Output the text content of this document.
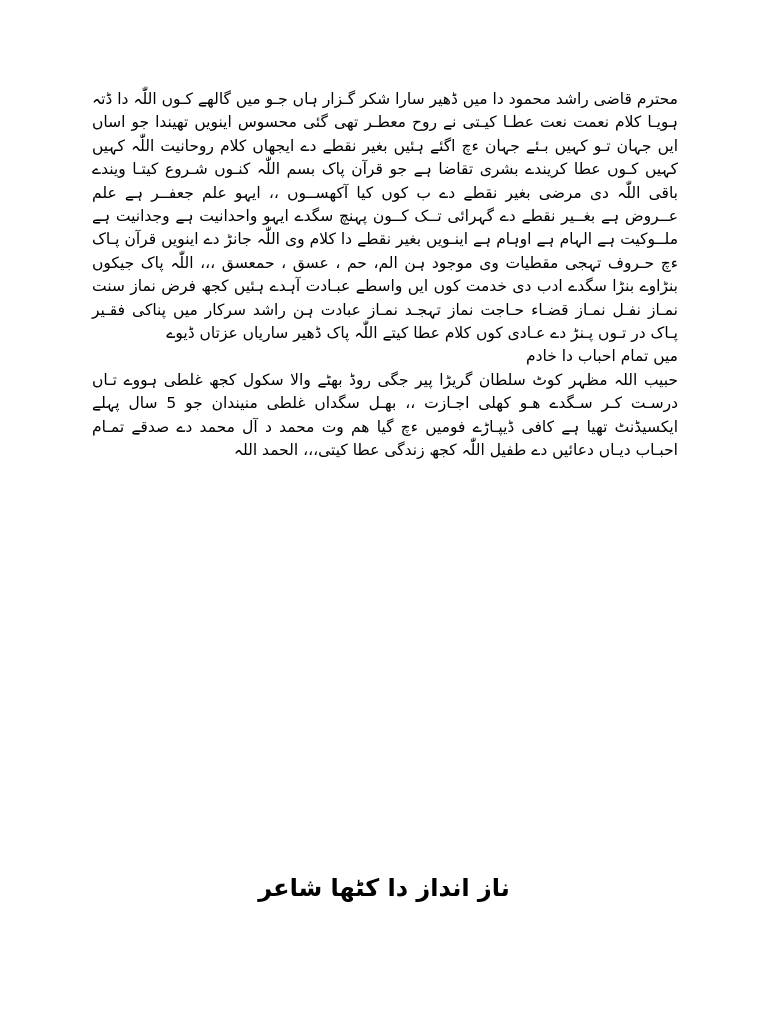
محترم قاضی راشد محمود دا میں ڈھیر سارا شکر گـزار ہاں جـو میں گالھے کـوں اللّٰہ دا ڈتہ ہویـا کلام نعمت نعت عطـا کیـتی نے روح معطـر تھی گئی محسوس اینویں تھیندا جو اساں ایں جہان تـو کہیں بـئے جہان ءچ اگئے ہئیں بغیر نقطے دے ایجھاں کلام روحانیت اللّٰہ کہیں کہیں کـوں عطا کریندے بشری تقاضا ہے جو قرآن پاک بسم اللّٰہ کنـوں شـروع کیتـا ویندے باقی اللّٰہ دی مرضی بغیر نقطے دے ب کوں کیا آکھســوں ،، ایہو علم جعفــر ہے علم عــروض ہے بغــیر نقطے دے گہرائی تــک کــون پہنچ سگدے ایہو واحدانیت ہے وجدانیت ہے ملــوکیت ہے الہام ہے اوہام ہے اینـویں بغیر نقطے دا کلام وی اللّٰہ جانڑ دے اینویں قرآن پـاک ءچ حـروف تہجی مقطیات وی موجود ہن الم، حم ، عسق ، حمعسق ،،، اللّٰہ پاک جیکوں بنڑاوے بنڑا سگدے ادب دی خدمت کوں ایں واسطے عبـادت آہدے ہئیں کجھ فرض نماز سنت نمـاز نفـل نمـاز قضـاء حـاجت نماز تہجـد نمـاز عبادت ہن راشد سرکار میں پناکی فقـیر پـاک در تـوں پـنڑ دے عـادی کوں کلام عطا کیتے اللّٰہ پاک ڈھیر ساریاں عزتاں ڈیوے

میں تمام احباب دا خادم

حبیب اللہ مظہر کوٹ سلطان گریڑا پیر جگی روڈ بھٹے والا سکول کجھ غلطی ہووے تـاں درسـت کـر سـگدے ھـو کھلی اجـازت ،، بھـل سگداں غلطی منیندان جو 5 سال پہلے ایکسیڈنٹ تھیا ہے کافی ڈیپـاڑے فومیں ءچ گیا ھم وت محمد د آل محمد دے صدقے تمـام احبـاب دیـاں دعائیں دے طفیل اللّٰہ کجھ زندگی عطا کیتی،،، الحمد اللہ

ناز انداز دا کٹھا شاعر
